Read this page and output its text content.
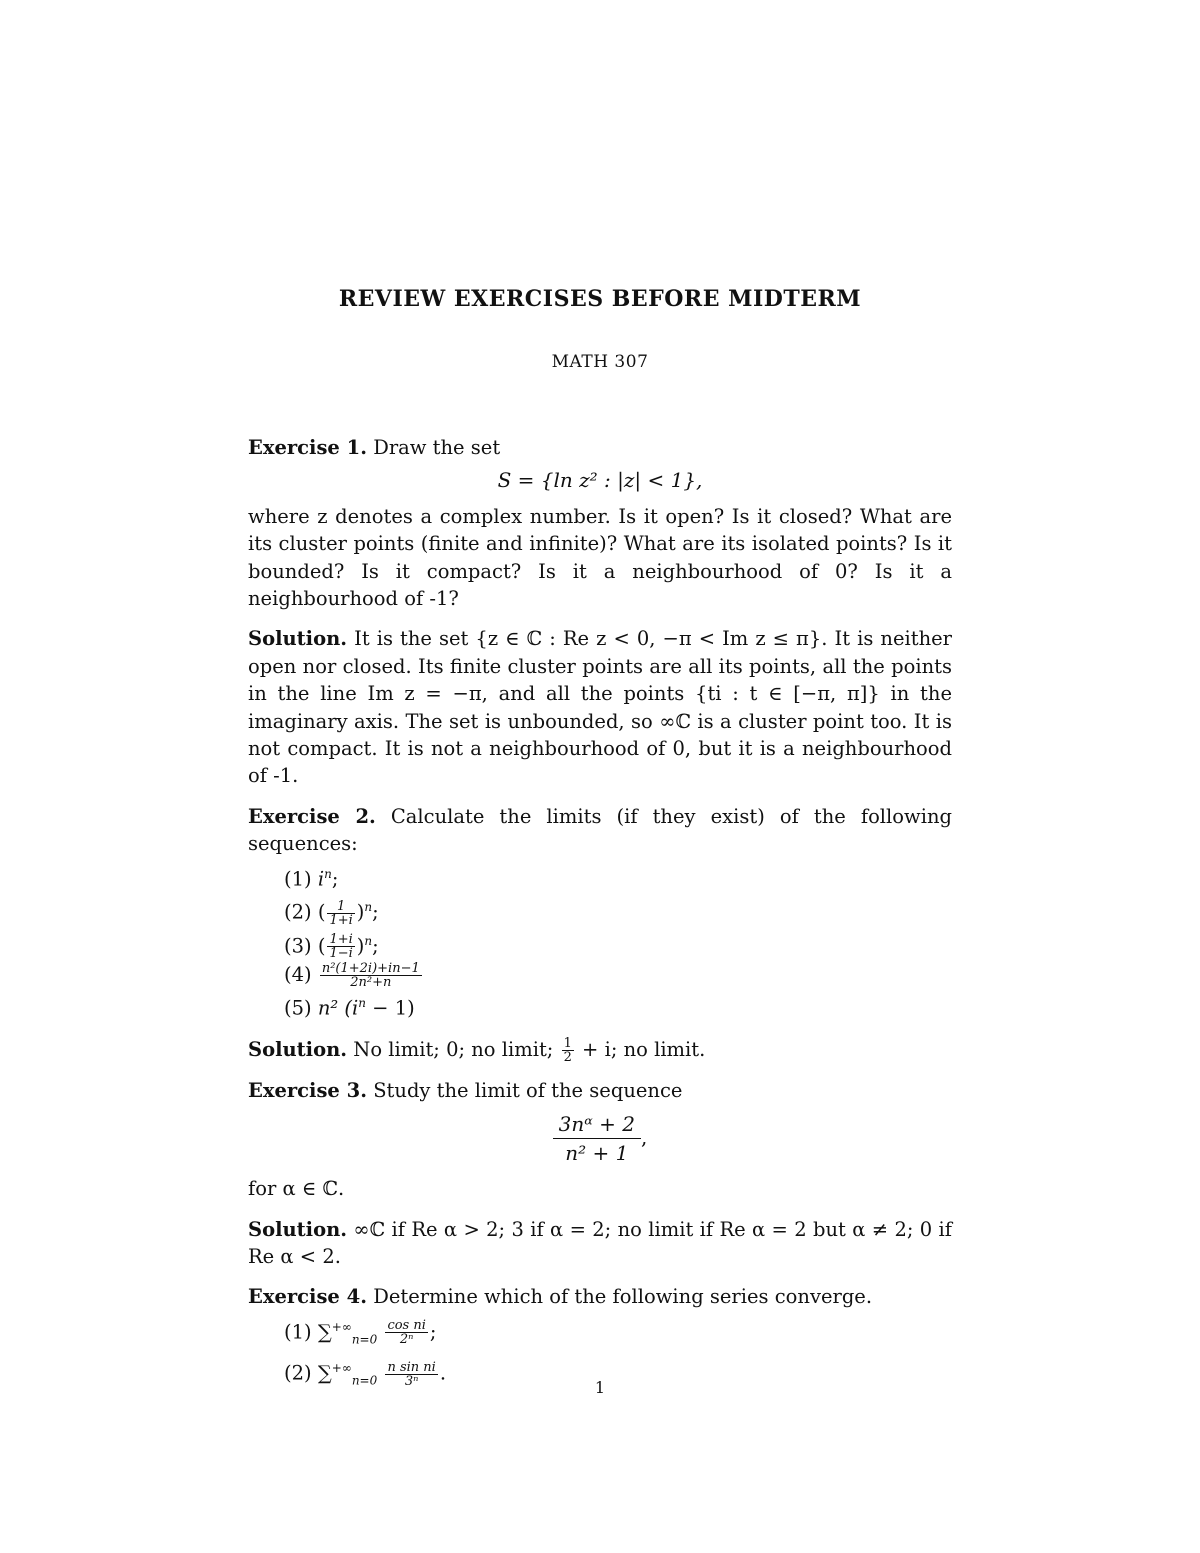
REVIEW EXERCISES BEFORE MIDTERM
MATH 307

Exercise 1. Draw the set

S = {ln z² : |z| < 1},

where z denotes a complex number. Is it open? Is it closed? What are its cluster points (finite and infinite)? What are its isolated points? Is it bounded? Is it compact? Is it a neighbourhood of 0? Is it a neighbourhood of -1?

Solution. It is the set {z ∈ ℂ : Re z < 0, −π < Im z ≤ π}. It is neither open nor closed. Its finite cluster points are all its points, all the points in the line Im z = −π, and all the points {ti : t ∈ [−π, π]} in the imaginary axis. The set is unbounded, so ∞ℂ is a cluster point too. It is not compact. It is not a neighbourhood of 0, but it is a neighbourhood of -1.

Exercise 2. Calculate the limits (if they exist) of the following sequences:

(1) $i^n$;
(2) ( $\frac{1}{1+i} )^n$;
(3) ( $\frac{1+i}{1-i} )^n$;
$(4) \frac{\text{n²(1+2i)+in−1}}{\text{2n²+n}}$
(5) n² $(i^n - 1)$

Solution. No limit; 0; no limit; $\frac{1}{2} + i$; no limit.

Exercise 3. Study the limit of the sequence

$\frac{\text{3nᵅ + 2}}{\text{n² + 1}}$ ,

for α ∈ ℂ.

Solution. ∞ℂ if Re α > 2; 3 if α = 2; no limit if Re α = 2 but α ≠ 2; 0 if Re α < 2.

Exercise 4. Determine which of the following series converge.

(1) $\sum^{+\infty}_{n=0} \frac{\text{cos ni}}{\text{2ⁿ}}$ ;
(2) $\sum^{+\infty}_{n=0} \frac{\text{n sin ni}}{\text{3ⁿ}}$ .
1
